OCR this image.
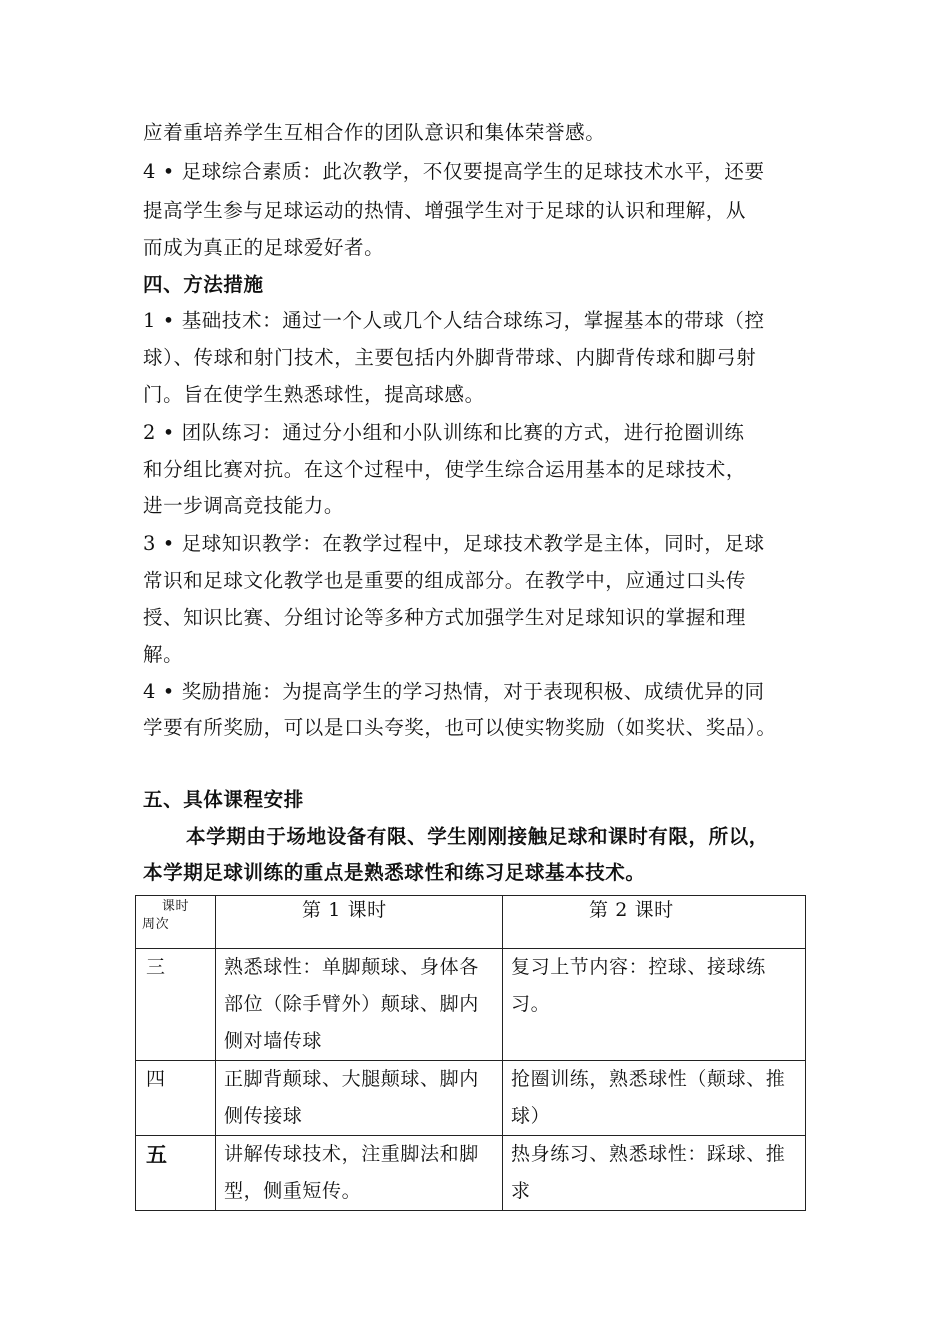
应着重培养学生互相合作的团队意识和集体荣誉感。
4 • 足球综合素质：此次教学，不仅要提高学生的足球技术水平，还要
提高学生参与足球运动的热情、增强学生对于足球的认识和理解，从
而成为真正的足球爱好者。
四、方法措施
1 • 基础技术：通过一个人或几个人结合球练习，掌握基本的带球（控
球）、传球和射门技术，主要包括内外脚背带球、内脚背传球和脚弓射
门。旨在使学生熟悉球性，提高球感。
2 • 团队练习：通过分小组和小队训练和比赛的方式，进行抢圈训练
和分组比赛对抗。在这个过程中，使学生综合运用基本的足球技术，
进一步调高竞技能力。
3 • 足球知识教学：在教学过程中，足球技术教学是主体，同时，足球
常识和足球文化教学也是重要的组成部分。在教学中，应通过口头传
授、知识比赛、分组讨论等多种方式加强学生对足球知识的掌握和理
解。
4 • 奖励措施：为提高学生的学习热情，对于表现积极、成绩优异的同
学要有所奖励，可以是口头夸奖，也可以使实物奖励（如奖状、奖品）。
五、具体课程安排
本学期由于场地设备有限、学生刚刚接触足球和课时有限，所以，
本学期足球训练的重点是熟悉球性和练习足球基本技术。
课时
周次	第 1 课时	第 2 课时

三	熟悉球性：单脚颠球、身体各部位（除手臂外）颠球、脚内侧对墙传球	复习上节内容：控球、接球练习。
四	正脚背颠球、大腿颠球、脚内侧传接球	抢圈训练，熟悉球性（颠球、推球）
五	讲解传球技术，注重脚法和脚型，侧重短传。	热身练习、熟悉球性：踩球、推求
